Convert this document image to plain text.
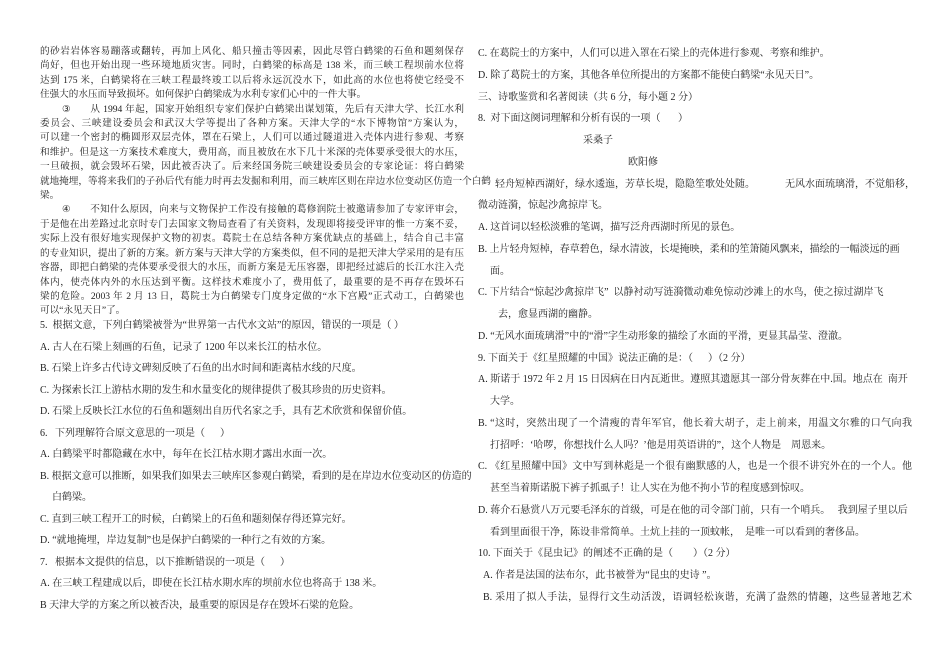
的砂岩岩体容易蹦落或翻转，再加上风化、船只撞击等因素，因此尽管白鹤梁的石鱼和题刻保存
尚好，但也开始出现一些环境地质灾害。同时，白鹤梁的标高是 138 米，而三峡工程坝前水位将
达到 175 米，白鹤梁将在三峡工程最终竣工以后将永远沉没水下，如此高的水位也将使它经受不
住强大的水压而导致损坏。如何保护白鹤梁成为水利专家们心中的一件大事。
③ 从 1994 年起，国家开始组织专家们保护白鹤梁出谋划策，先后有天津大学、长江水利
委员会、三峡建设委员会和武汉大学等提出了各种方案。天津大学的“水下博物馆”方案认为，
可以建一个密封的椭圆形双层壳体，罩在石梁上，人们可以通过隧道进入壳体内进行参观、考察
和维护。但是这一方案技术难度大，费用高，而且被放在水下几十米深的壳体要承受很大的水压，
一旦破损，就会毁坏石梁，因此被否决了。后来经国务院三峡建设委员会的专家论证：将白鹤梁
就地掩埋，等将来我们的子孙后代有能力时再去发掘和利用，而三峡库区则在岸边水位变动区仿造一个白鹤
梁。
④ 不知什么原因，向来与文物保护工作没有接触的葛修润院士被邀请参加了专家评审会，
于是他在出差路过北京时专门去国家文物局查看了有关资料，发现即将接受评审的惟一方案不妥，
实际上没有很好地实现保护文物的初衷。葛院士在总结各种方案优缺点的基础上，结合自己丰富
的专业知识，提出了新的方案。新方案与天津大学的方案类似，但不同的是把天津大学采用的是有压
容器，即把白鹤梁的壳体要承受很大的水压，而新方案是无压容器，即把经过滤后的长江水注入壳
体内，使壳体内外的水压达到平衡。这样技术难度小了，费用低了，最重要的是不再存在毁坏石
梁的危险。2003 年 2 月 13 日，葛院士为白鹤梁专门度身定做的“水下宫殿”正式动工，白鹤梁也
可以“永见天日”了。
5.  根据文意，下列白鹤梁被誉为“世界第一古代水文站”的原因，错误的一项是（ ）
A. 古人在石梁上刻画的石鱼，记录了 1200 年以来长江的枯水位。
B. 石梁上许多古代诗文碑刻反映了石鱼的出水时间和距离枯水线的尺度。
C. 为探索长江上游枯水期的发生和水量变化的规律提供了极其珍贵的历史资料。
D. 石梁上反映长江水位的石鱼和题刻出自历代名家之手，具有艺术欣赏和保留价值。
6.   下列理解符合原文意思的一项是（      ）
A. 白鹤梁平时都隐藏在水中，每年在长江枯水期才露出水面一次。
B. 根据文意可以推断，如果我们如果去三峡库区参观白鹤梁，看到的是在岸边水位变动区的仿造的
白鹤梁。
C. 直到三峡工程开工的时候，白鹤梁上的石鱼和题刻保存得还算完好。
D. “就地掩埋，岸边复制”也是保护白鹤梁的一种行之有效的方案。
7.   根据本文提供的信息，以下推断错误的一项是（      ）
A. 在三峡工程建成以后，即使在长江枯水期水库的坝前水位也将高于 138 米。
B 天津大学的方案之所以被否决，最重要的原因是存在毁坏石梁的危险。
C. 在葛院士的方案中，人们可以进入罩在石梁上的壳体进行参观、考察和维护。
D. 除了葛院士的方案，其他各单位所提出的方案都不能使白鹤梁“永见天日”。
三、诗歌鉴赏和名著阅读（共 6 分，每小题 2 分）
8.  对下面这阕词理解和分析有误的一项（       ）
采桑子
欧阳修
轻舟短棹西湖好，绿水逶迤，芳草长堤，隐隐笙歌处处随。	无风水面琉璃滑，不觉船移，
微动涟漪，惊起沙禽掠岸飞。
A. 这首词以轻松淡雅的笔调，描写泛舟西湖时所见的景色。
B. 上片轻舟短棹，春草碧色，绿水清波，长堤掩映，柔和的笙箫随风飘来，描绘的一幅淡远的画
面。
C. 下片结合“惊起沙禽掠岸飞”  以静衬动写涟漪微动难免惊动沙滩上的水鸟，使之掠过湖岸飞
去，愈显西湖的幽静。
D. “无风水面琉璃滑”中的“滑”字生动形象的描绘了水面的平滑，更显其晶莹、澄澈。
9. 下面关于《红星照耀的中国》说法正确的是：（      ）（2 分）
A. 斯诺于 1972 年 2 月 15 日因病在日内瓦逝世。遵照其遗愿其一部分骨灰葬在中.国。地点在  南开
大学。
B. “这时，突然出现了一个清瘦的青年军官，他长着大胡子，走上前来，用温文尔雅的口气向我
打招呼：‘哈啰，你想找什么人吗？’他是用英语讲的”，这个人物是    周恩来。
C. 《红星照耀中国》文中写到林彪是一个很有幽默感的人，也是一个很不讲究外在的一个人。他
甚至当着斯诺脱下裤子抓虱子！让人实在为他不拘小节的程度感到惊叹。
D. 蒋介石悬赏八万元要毛泽东的首级，可是在他的司令部门前，只有一个哨兵。   我到屋子里以后
看到里面很干净，陈设非常简单。土炕上挂的一顶蚊帐，  是唯一可以看到的奢侈品。
10. 下面关于《昆虫记》的阐述不正确的是（        ）（2 分）
A. 作者是法国的法布尔，此书被誉为“昆虫的史诗 ”。
B. 采用了拟人手法，显得行文生动活泼，语调轻松诙谐，充满了盎然的情趣，这些显著地艺术
